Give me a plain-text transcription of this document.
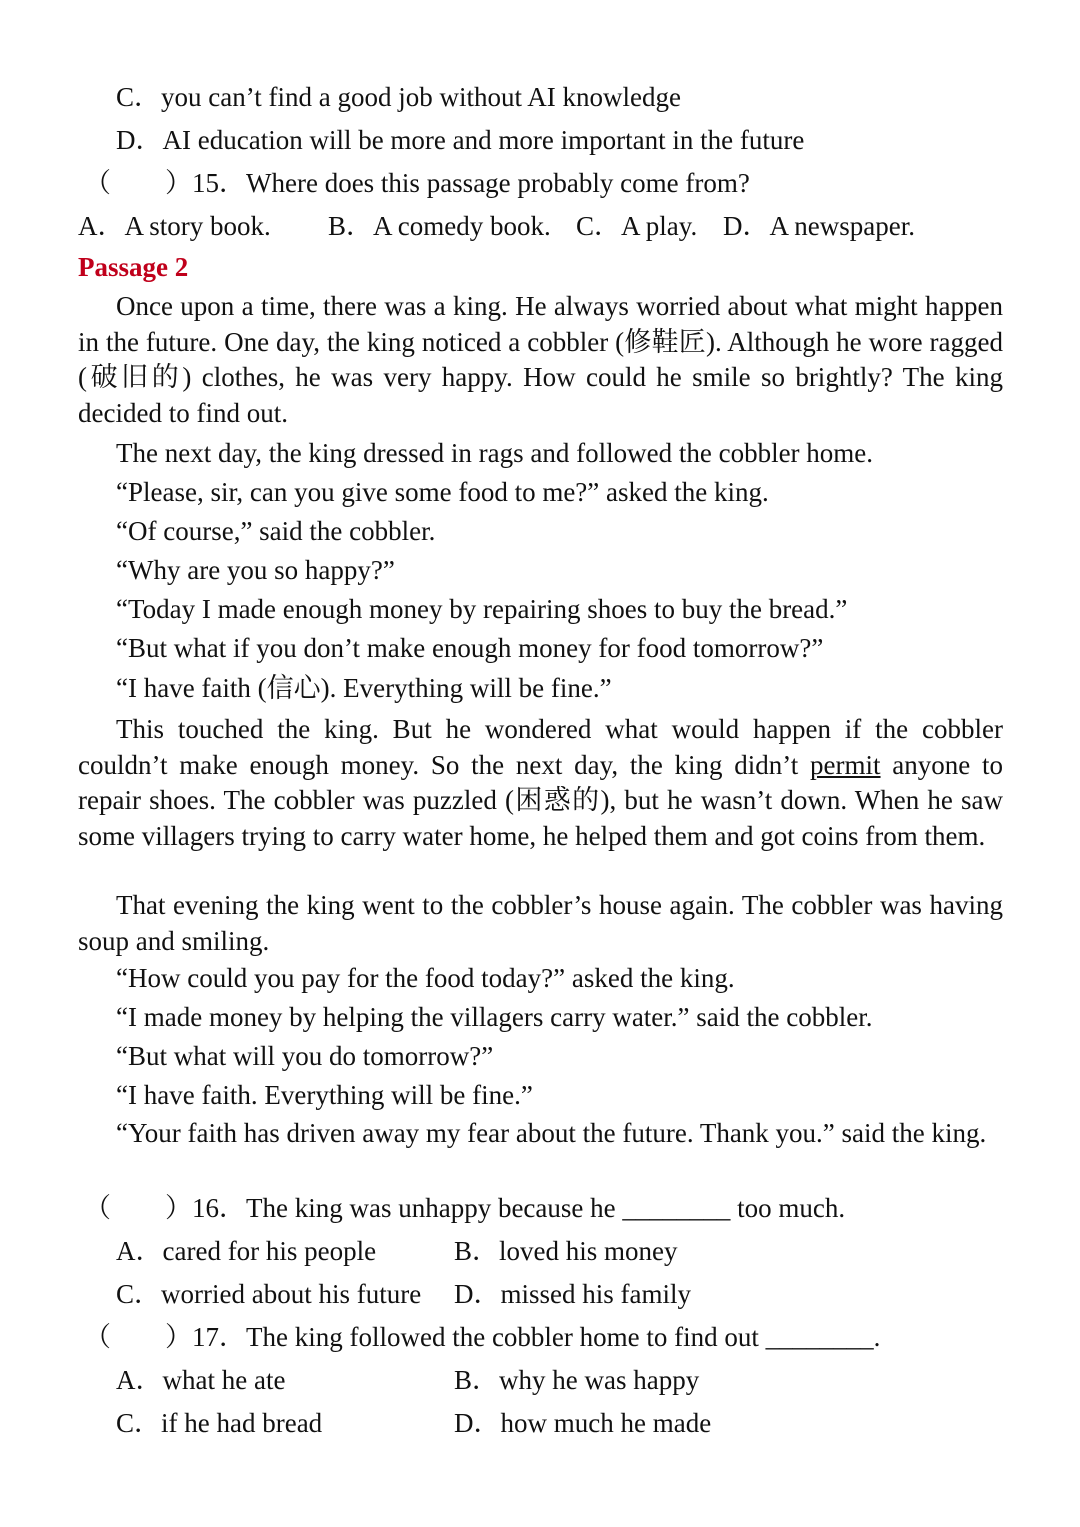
C．you can’t find a good job without AI knowledge
D．AI education will be more and more important in the future
（　　）15．Where does this passage probably come from?
A．A story book. B．A comedy book. C．A play. D．A newspaper.
Passage 2
Once upon a time, there was a king. He always worried about what might happen in the future. One day, the king noticed a cobbler (修鞋匠). Although he wore ragged (破旧的) clothes, he was very happy. How could he smile so brightly? The king decided to find out.
The next day, the king dressed in rags and followed the cobbler home.
“Please, sir, can you give some food to me?” asked the king.
“Of course,” said the cobbler.
“Why are you so happy?”
“Today I made enough money by repairing shoes to buy the bread.”
“But what if you don’t make enough money for food tomorrow?”
“I have faith (信心). Everything will be fine.”
This touched the king. But he wondered what would happen if the cobbler couldn’t make enough money. So the next day, the king didn’t permit anyone to repair shoes. The cobbler was puzzled (困惑的), but he wasn’t down. When he saw some villagers trying to carry water home, he helped them and got coins from them.
That evening the king went to the cobbler’s house again. The cobbler was having soup and smiling.
“How could you pay for the food today?” asked the king.
“I made money by helping the villagers carry water.” said the cobbler.
“But what will you do tomorrow?”
“I have faith. Everything will be fine.”
“Your faith has driven away my fear about the future. Thank you.” said the king.
（　　）16．The king was unhappy because he ________ too much.
A．cared for his people	B．loved his money
C．worried about his future D．missed his family
（　　）17．The king followed the cobbler home to find out ________.
A．what he ate	B．why he was happy
C．if he had bread	D．how much he made
